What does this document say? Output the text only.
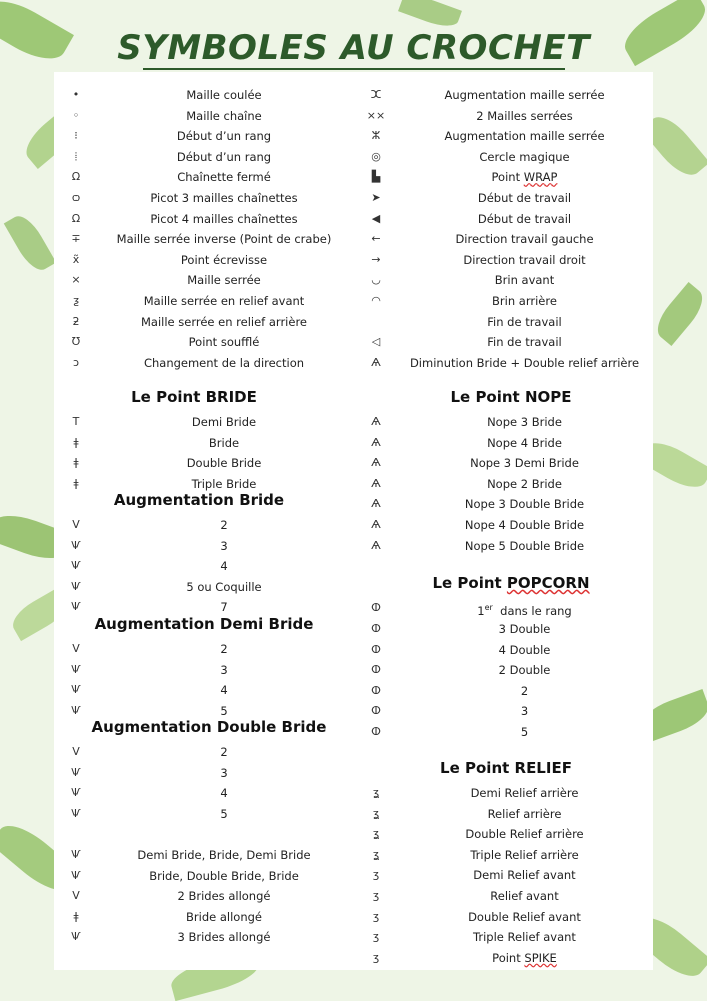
SYMBOLES AU CROCHET
•	Maille coulée
◦	Maille chaîne
⁝	Début d’un rang
⦙	Début d’un rang
Ω	Chaînette fermé
ѻ	Picot 3 mailles chaînettes
Ω	Picot 4 mailles chaînettes
∓	Maille serrée inverse (Point de crabe)
x̃	Point écrevisse
×	Maille serrée
ƺ	Maille serrée en relief avant
ƻ	Maille serrée en relief arrière
Ʊ	Point soufflé
ↄ	Changement de la direction
Le Point BRIDE
T	Demi Bride
ǂ	Bride
ǂ	Double Bride
ǂ	Triple Bride
Augmentation Bride
V	2
Ѱ	3
Ѱ	4
Ѱ	5 ou Coquille
Ѱ	7
Augmentation Demi Bride
V	2
Ѱ	3
Ѱ	4
Ѱ	5
Augmentation Double Bride
V	2
Ѱ	3
Ѱ	4
Ѱ	5
Ѱ	Demi Bride, Bride, Demi Bride
Ѱ	Bride, Double Bride, Bride
V	2 Brides allongé
ǂ	Bride allongé
Ѱ	3 Brides allongé
ⵋ	Augmentation maille serrée
××	2 Mailles serrées
ⵣ	Augmentation maille serrée
◎	Cercle magique
▙	Point WRAP
➤	Début de travail
◀	Début de travail
←	Direction travail gauche
→	Direction travail droit
◡	Brin avant
◠	Brin arrière
Fin de travail
◁	Fin de travail
Ѧ	Diminution Bride + Double relief arrière
Le Point NOPE
Ѧ	Nope 3 Bride
Ѧ	Nope 4 Bride
Ѧ	Nope 3 Demi Bride
Ѧ	Nope 2 Bride
Ѧ	Nope 3 Double Bride
Ѧ	Nope 4 Double Bride
Ѧ	Nope 5 Double Bride
Le Point POPCORN
ⵀ	1er  dans le rang
ⵀ	3 Double
ⵀ	4 Double
ⵀ	2 Double
ⵀ	2
ⵀ	3
ⵀ	5
Le Point RELIEF
ʓ	Demi Relief arrière
ʓ	Relief arrière
ʓ	Double Relief arrière
ʓ	Triple Relief arrière
ʒ	Demi Relief avant
ʒ	Relief avant
ʒ	Double Relief avant
ʒ	Triple Relief avant
ʒ	Point SPIKE
